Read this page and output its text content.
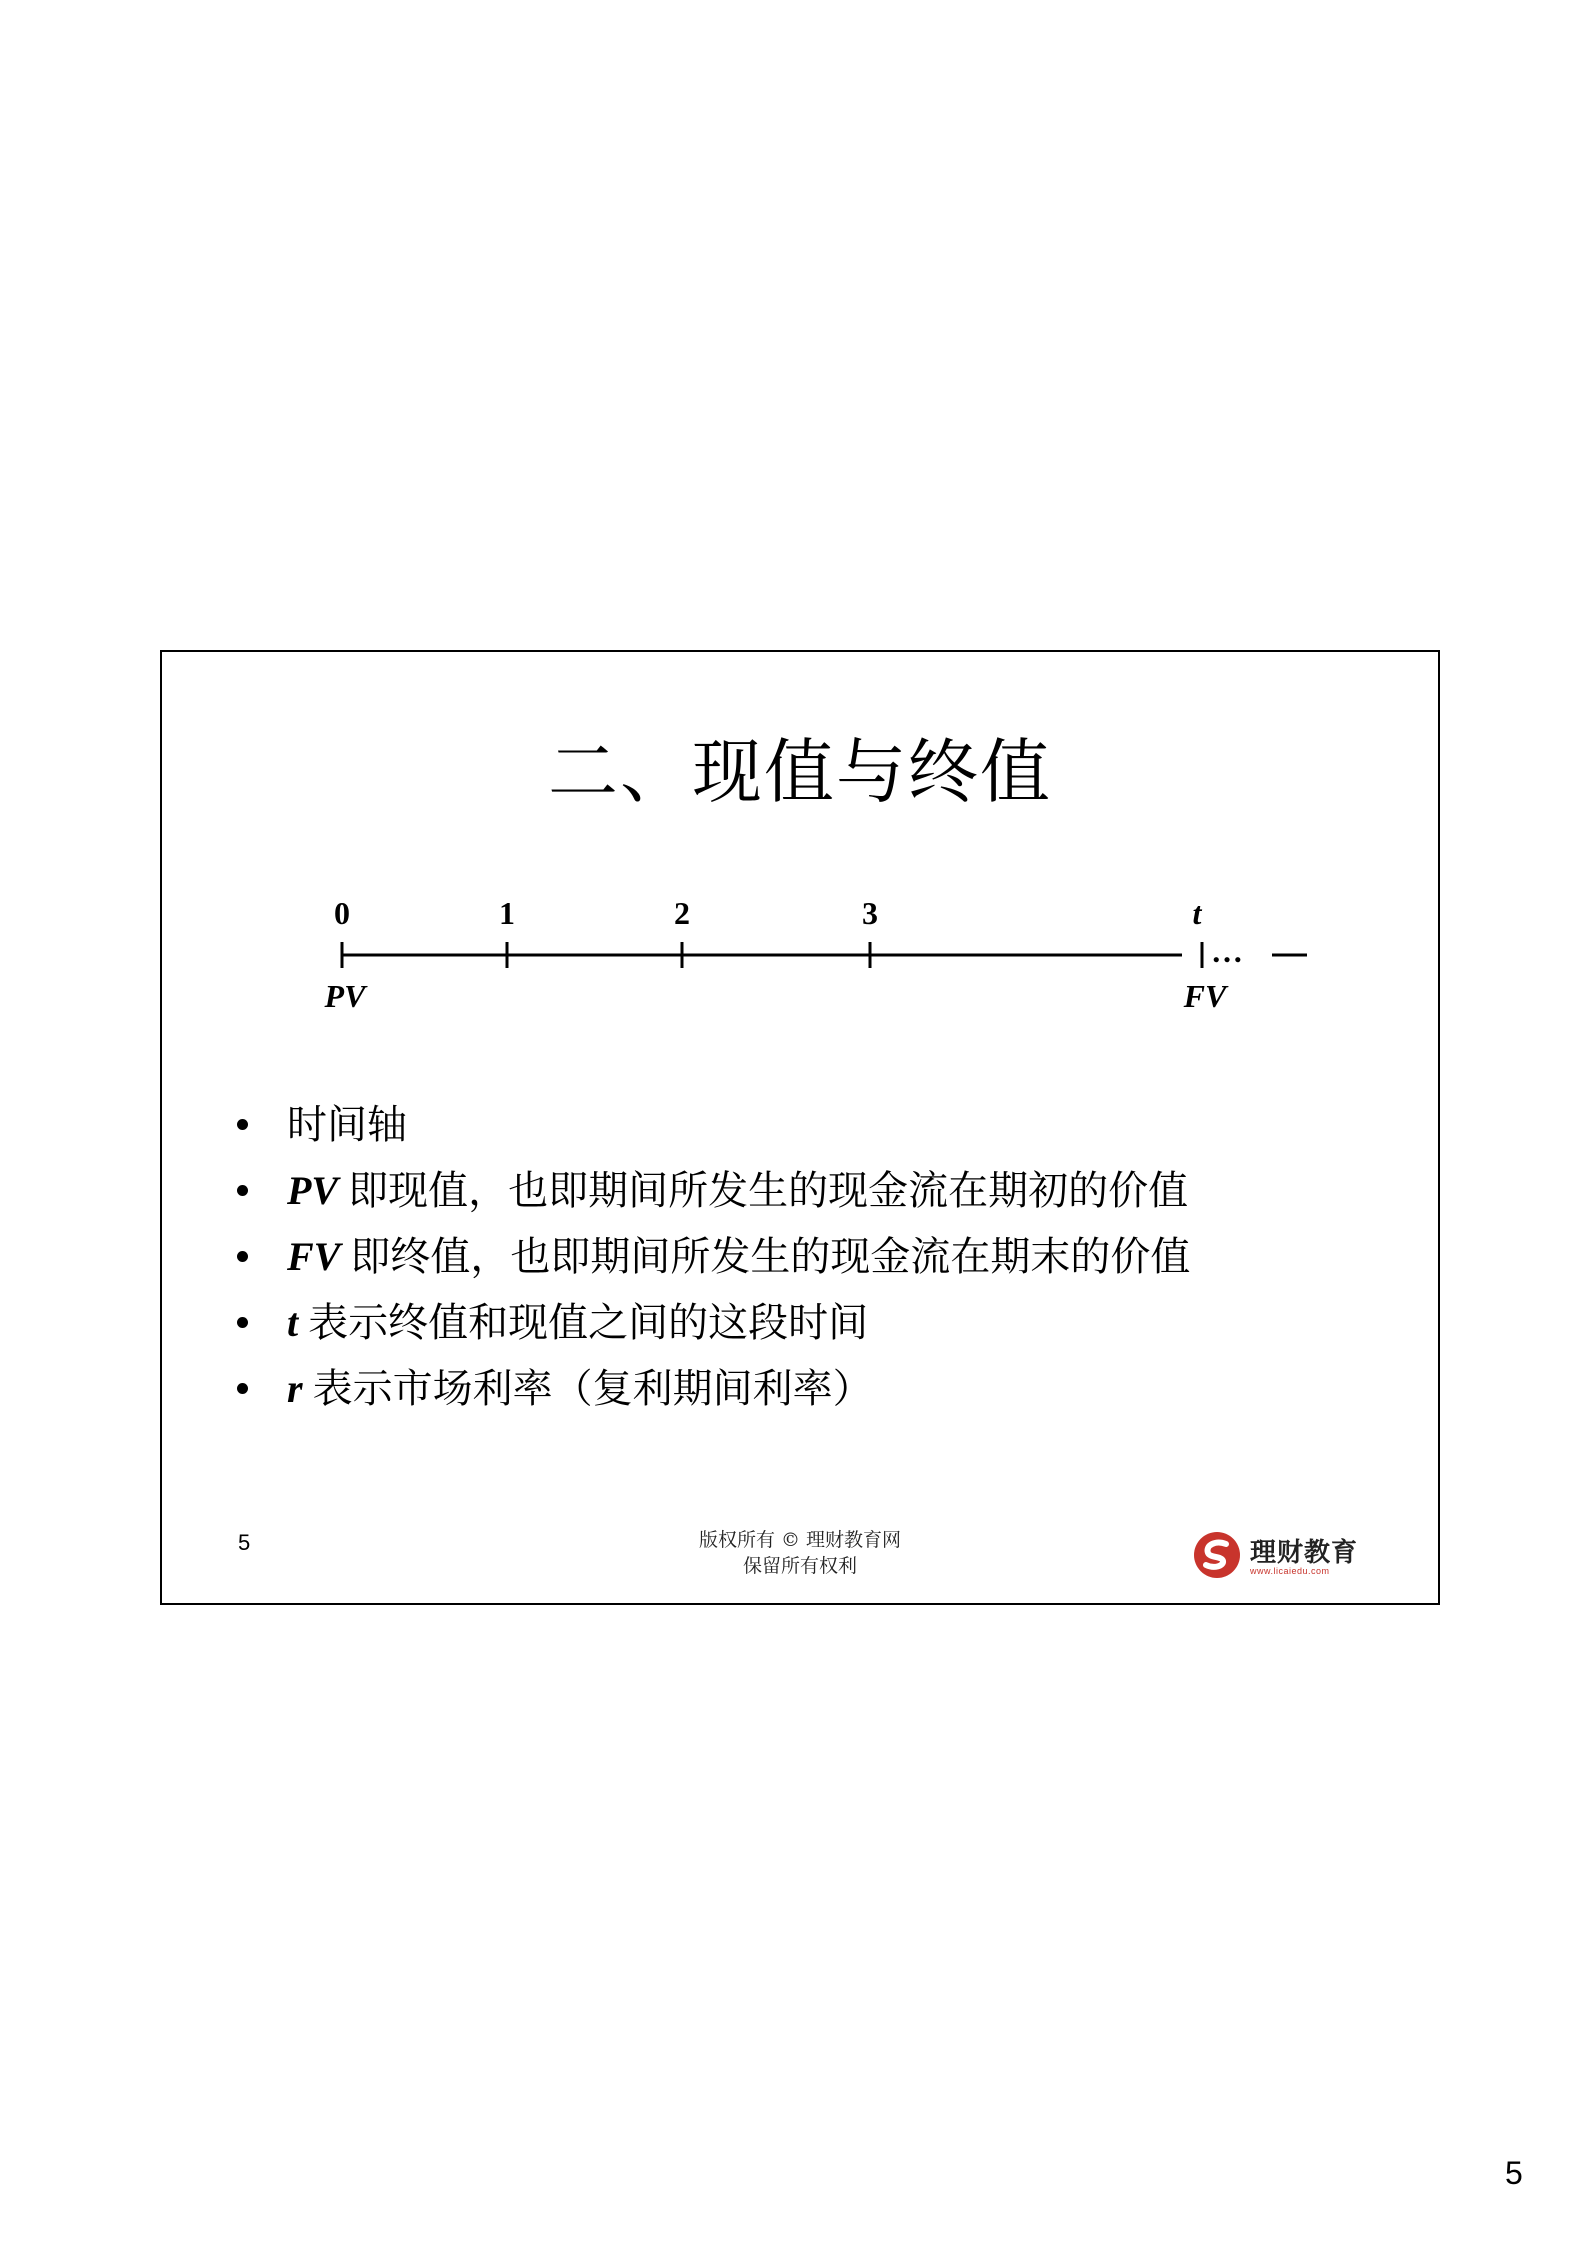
二、现值与终值
0	1	2	3	t
…
PV	FV
时间轴
PV 即现值，也即期间所发生的现金流在期初的价值
FV 即终值，也即期间所发生的现金流在期末的价值
t 表示终值和现值之间的这段时间
r 表示市场利率（复利期间利率）
5	版权所有 © 理财教育网
保留所有权利	理财教育
www.licaiedu.com
5
